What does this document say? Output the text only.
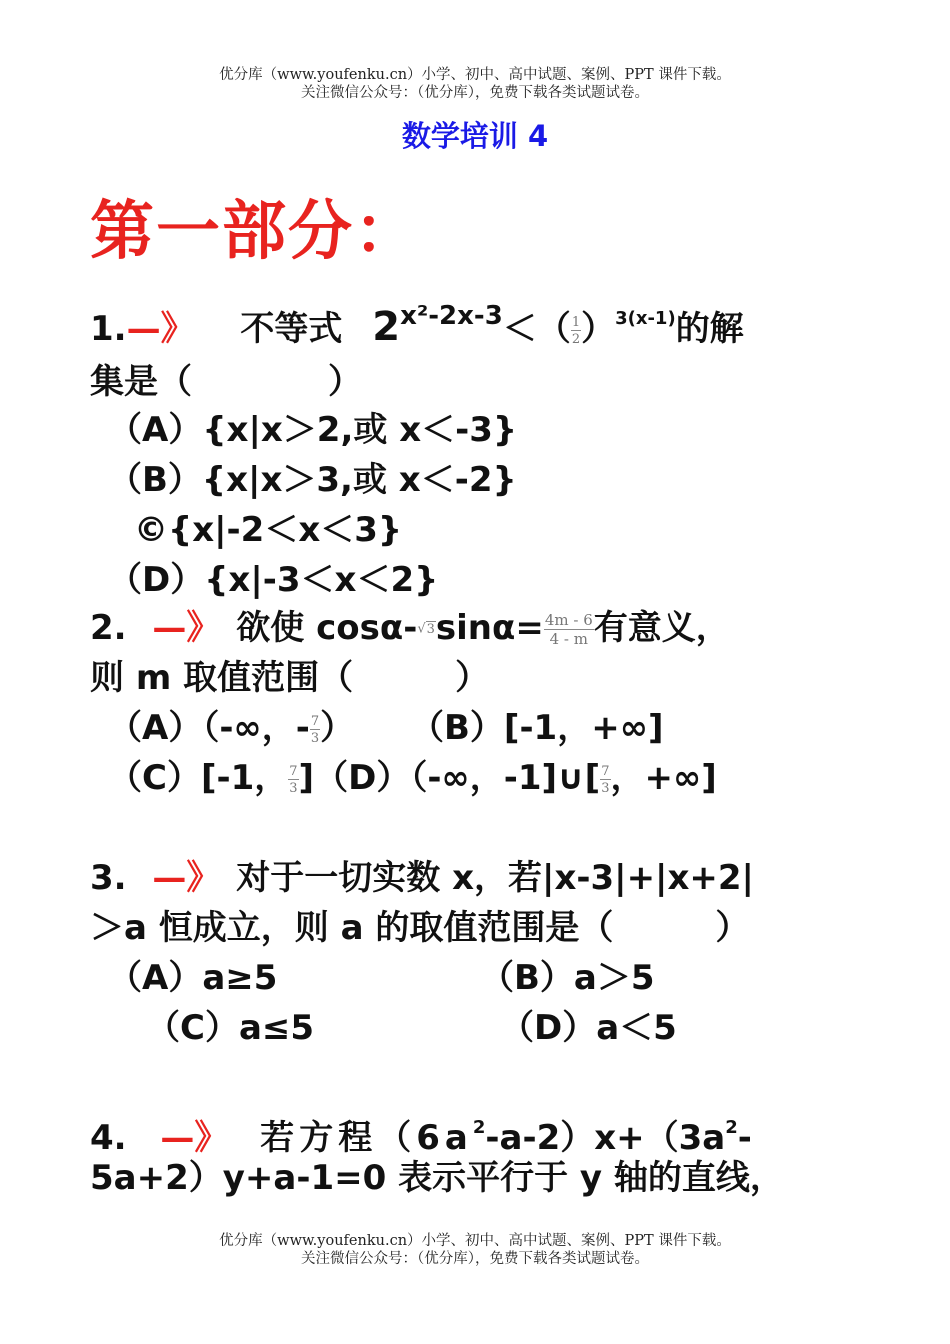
优分库（www.youfenku.cn）小学、初中、高中试题、案例、PPT 课件下载。
关注微信公众号：（优分库），免费下载各类试题试卷。
数学培训 4
第一部分：
1.—》 不等式 $2^{x^2-2x-3}<( \frac{1}{2} )^{3(x-1)}$的解
集是（　　　　）
（A）{x|x＞2,或 x＜-3}
（B）{x|x＞3,或 x＜-2}
©{x|-2＜x＜3}
（D）{x|-3＜x＜2}
2. —》 欲使 $\cos\alpha-√3\sin\alpha= \frac{4m - 6}{4 - m}$ 有意义，
则 m 取值范围（　　　）
（A）（-∞，- $\frac{7}{3}$ ） （B）[-1，+∞]
（C）[-1， $\frac{7}{3} ](D)(-\infty$，-1]∪[ $\frac{7}{3}$ ，+∞]
3. —》 对于一切实数 x，若|x-3|+|x+2|
＞a 恒成立，则 a 的取值范围是（　　　）
（A）a≥5	（B）a＞5
（C）a≤5	（D）a＜5
4. —》 若方程$(6a^2-a-2)x+(3a^2-$
5a+2）y+a-1=0 表示平行于 y 轴的直线，
优分库（www.youfenku.cn）小学、初中、高中试题、案例、PPT 课件下载。
关注微信公众号：（优分库），免费下载各类试题试卷。
